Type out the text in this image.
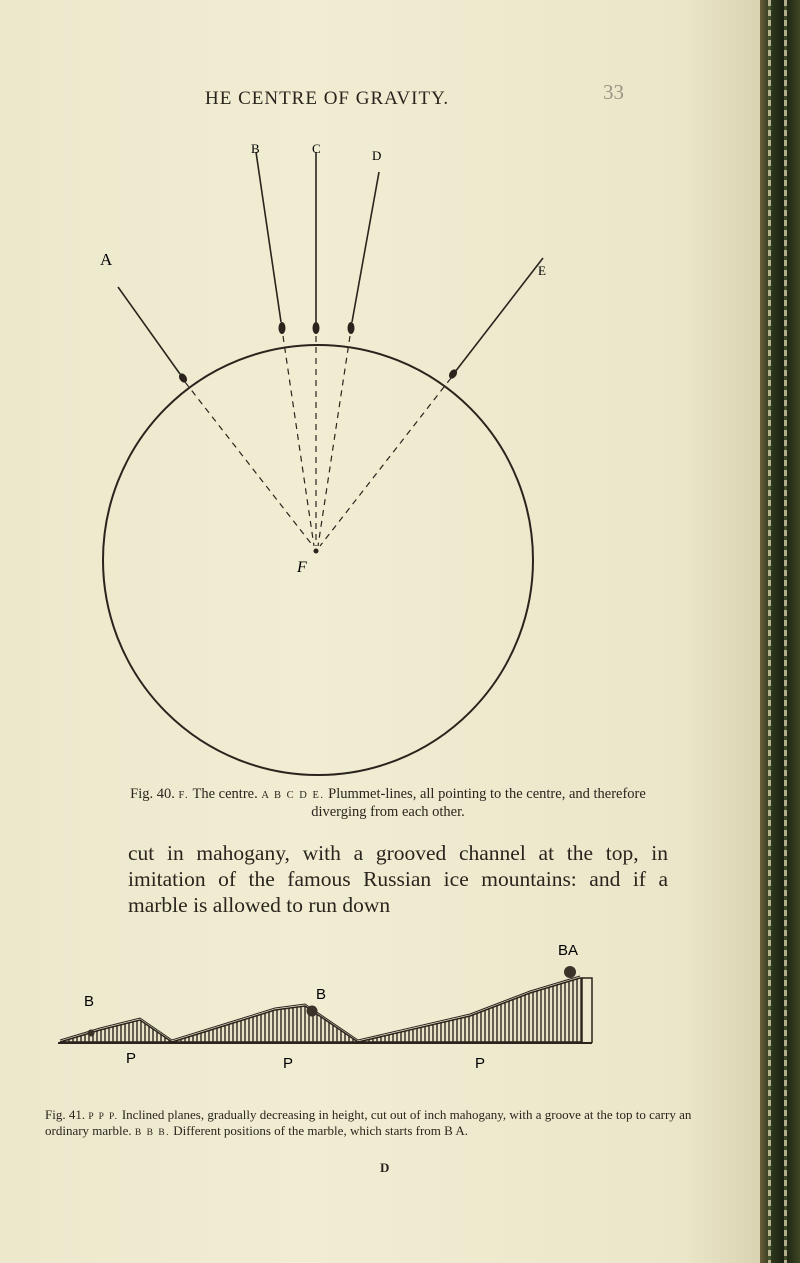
HE CENTRE OF GRAVITY.	33
A
B	C	D
E
F
Fig. 40. F. The centre. A B C D E. Plummet-lines, all pointing to the centre, and therefore diverging from each other.
cut in mahogany, with a grooved channel at the top, in imitation of the famous Russian ice mountains: and if a marble is allowed to run down
BA
B	B
P	P	P
Fig. 41. P P P. Inclined planes, gradually decreasing in height, cut out of inch mahogany, with a groove at the top to carry an ordinary marble. B B B. Different positions of the marble, which starts from B A.
D
